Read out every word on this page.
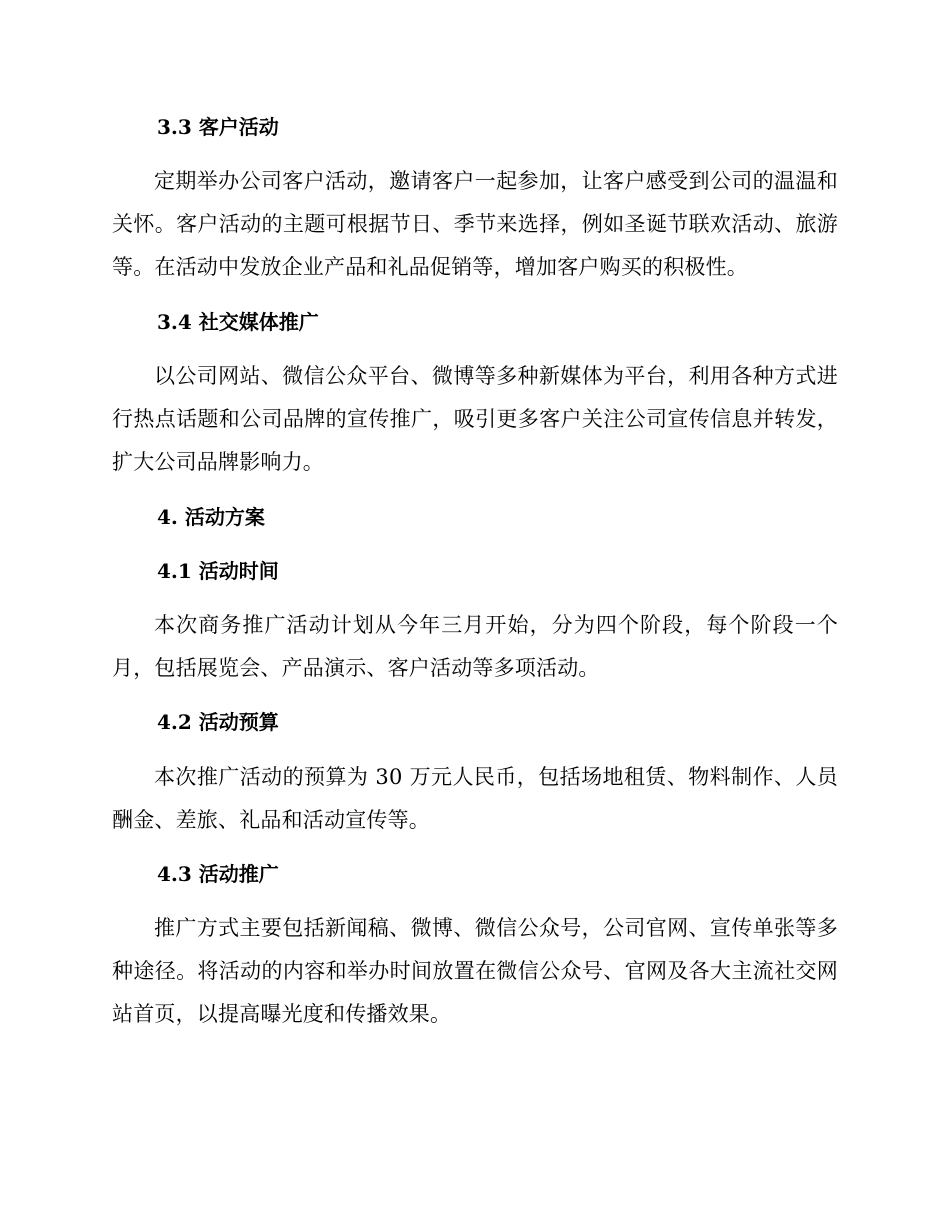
3.3 客户活动
定期举办公司客户活动，邀请客户一起参加，让客户感受到公司的温温和关怀。客户活动的主题可根据节日、季节来选择，例如圣诞节联欢活动、旅游等。在活动中发放企业产品和礼品促销等，增加客户购买的积极性。
3.4 社交媒体推广
以公司网站、微信公众平台、微博等多种新媒体为平台，利用各种方式进行热点话题和公司品牌的宣传推广，吸引更多客户关注公司宣传信息并转发，扩大公司品牌影响力。
4. 活动方案
4.1 活动时间
本次商务推广活动计划从今年三月开始，分为四个阶段，每个阶段一个月，包括展览会、产品演示、客户活动等多项活动。
4.2 活动预算
本次推广活动的预算为 30 万元人民币，包括场地租赁、物料制作、人员酬金、差旅、礼品和活动宣传等。
4.3 活动推广
推广方式主要包括新闻稿、微博、微信公众号，公司官网、宣传单张等多种途径。将活动的内容和举办时间放置在微信公众号、官网及各大主流社交网站首页，以提高曝光度和传播效果。
